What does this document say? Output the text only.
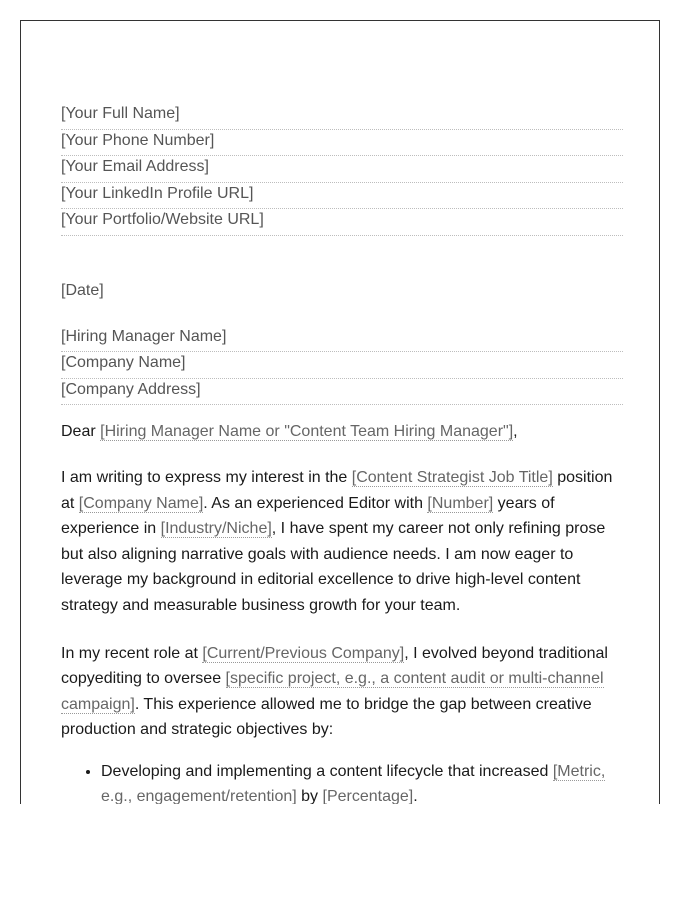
[Your Full Name]
[Your Phone Number]
[Your Email Address]
[Your LinkedIn Profile URL]
[Your Portfolio/Website URL]
[Date]
[Hiring Manager Name]
[Company Name]
[Company Address]
Dear [Hiring Manager Name or "Content Team Hiring Manager"],
I am writing to express my interest in the [Content Strategist Job Title] position at [Company Name]. As an experienced Editor with [Number] years of experience in [Industry/Niche], I have spent my career not only refining prose but also aligning narrative goals with audience needs. I am now eager to leverage my background in editorial excellence to drive high-level content strategy and measurable business growth for your team.
In my recent role at [Current/Previous Company], I evolved beyond traditional copyediting to oversee [specific project, e.g., a content audit or multi-channel campaign]. This experience allowed me to bridge the gap between creative production and strategic objectives by:
• Developing and implementing a content lifecycle that increased [Metric, e.g., engagement/retention] by [Percentage].
